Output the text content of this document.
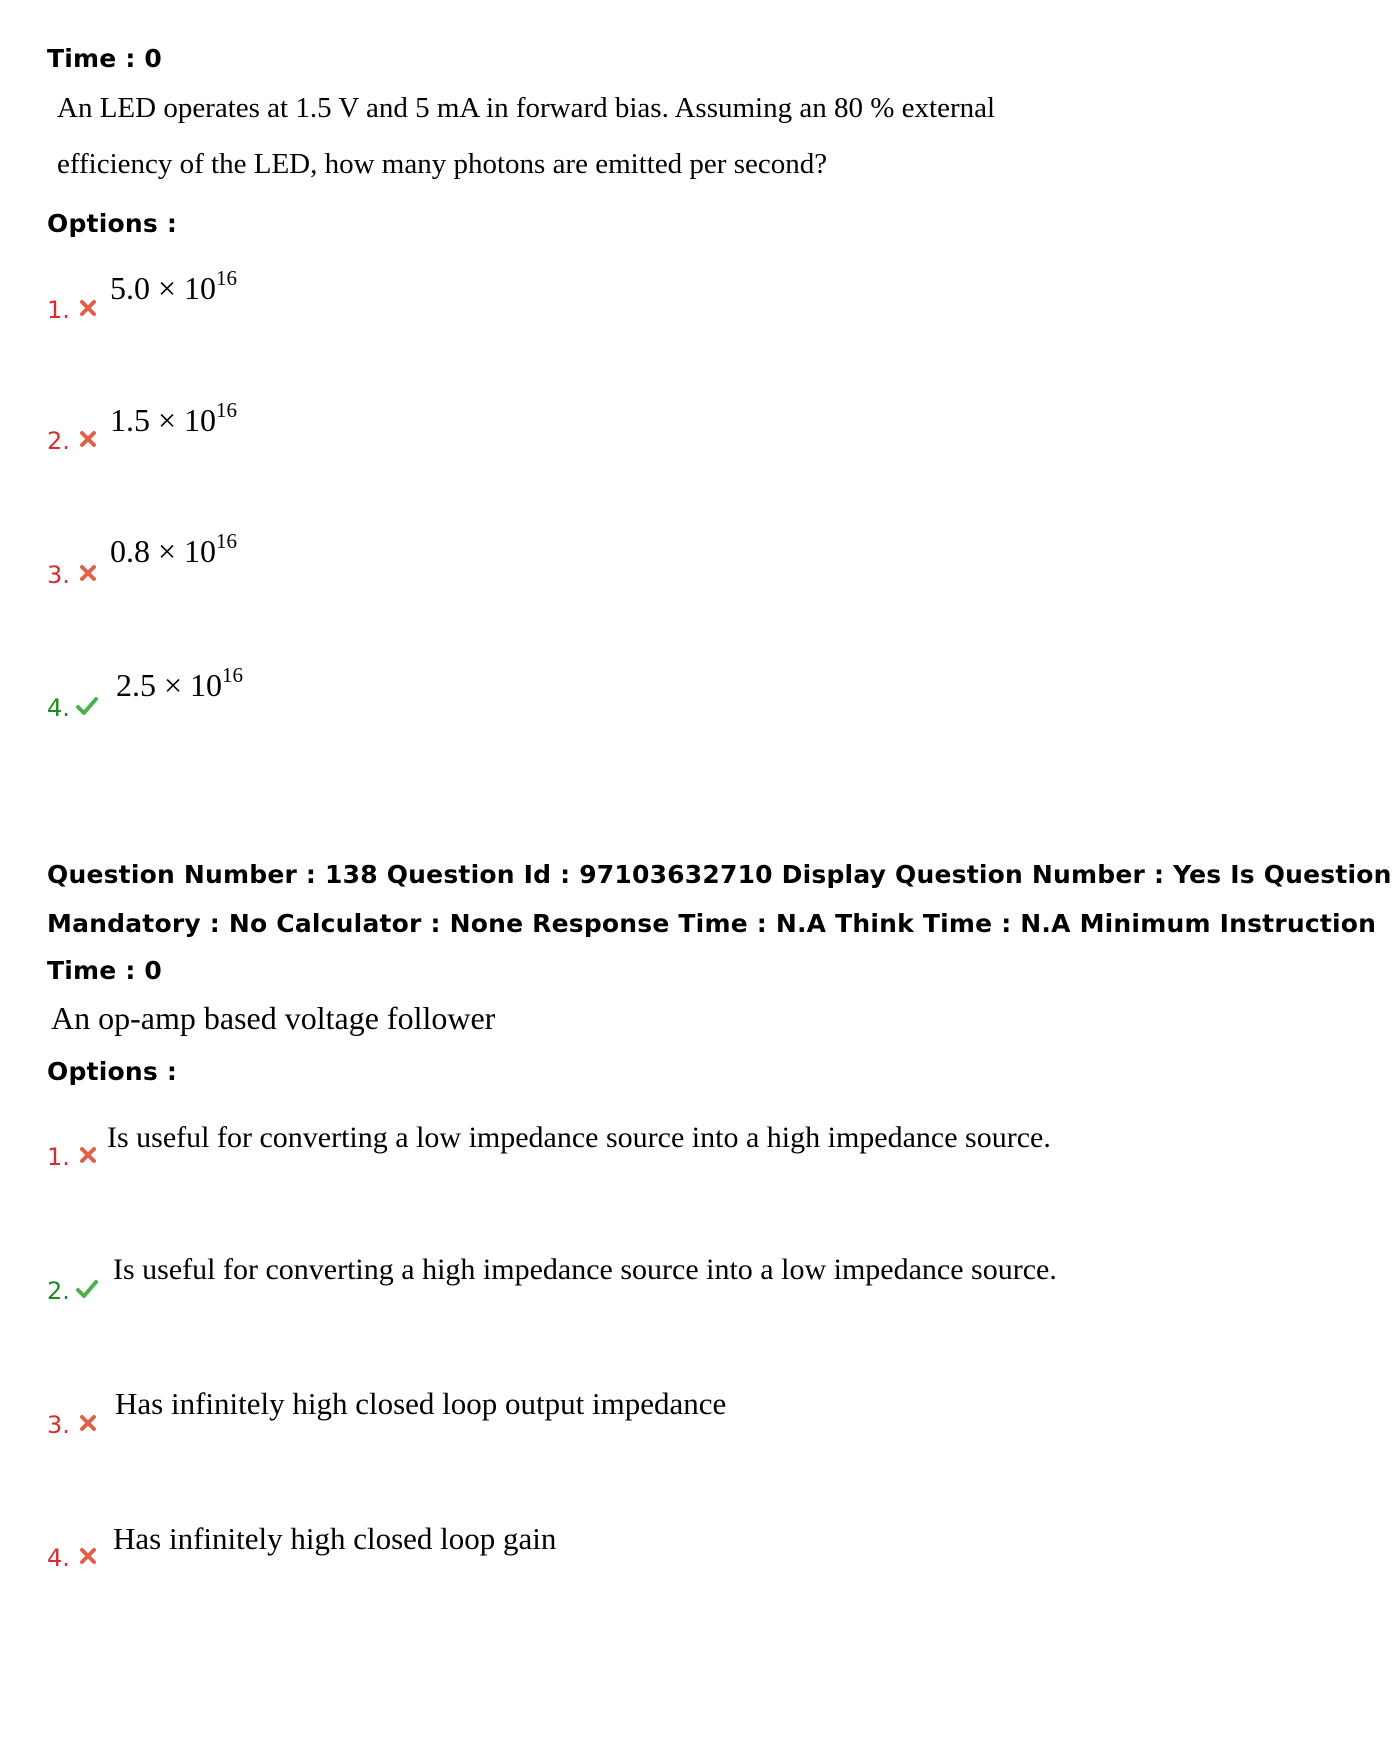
Time : 0
An LED operates at 1.5 V and 5 mA in forward bias. Assuming an 80 % external
efficiency of the LED, how many photons are emitted per second?
Options :
1.
$5.0 \times 10^{16}$
2.
$1.5 \times 10^{16}$
3.
$0.8 \times 10^{16}$
4.
$2.5 \times 10^{16}$
Question Number : 138 Question Id : 97103632710 Display Question Number : Yes Is Question
Mandatory : No Calculator : None Response Time : N.A Think Time : N.A Minimum Instruction
Time : 0
An op-amp based voltage follower
Options :
1.
Is useful for converting a low impedance source into a high impedance source.
2.
Is useful for converting a high impedance source into a low impedance source.
3.
Has infinitely high closed loop output impedance
4.
Has infinitely high closed loop gain
